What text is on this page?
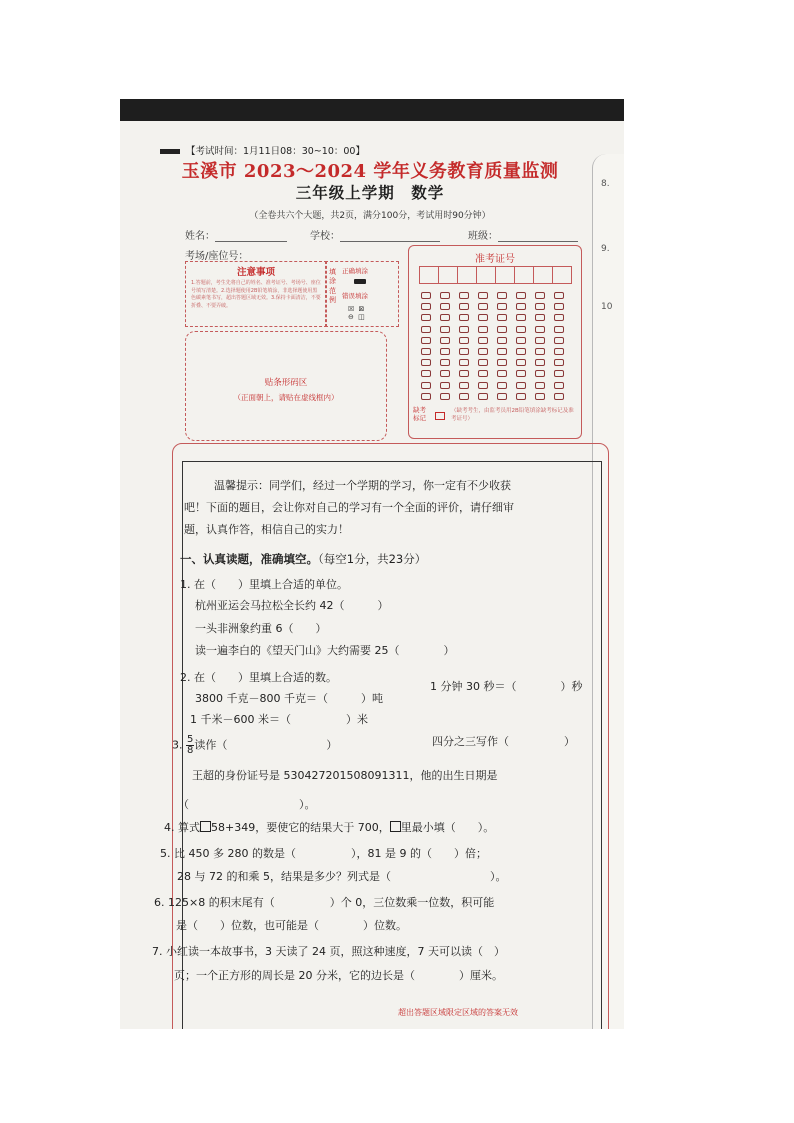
8.
9.
10
【考试时间：1月11日08：30~10：00】
玉溪市 2023～2024 学年义务教育质量监测
三年级上学期　数学
（全卷共六个大题，共2页，满分100分，考试用时90分钟）
姓名：	学校：	班级：
考场/座位号：
注意事项
1.答题前，考生先将自己的姓名、准考证号、考场号、座位号填写清楚。2.选择题使用2B铅笔填涂，非选择题使用黑色碳素笔书写，超出答题区域无效。3.保持卡面清洁，不要折叠、不要弄破。
填涂范例
正确填涂
错误填涂
☒ ⊠
⊖ ◫
贴条形码区
（正面朝上，请贴在虚线框内）
准考证号
缺考标记
（缺考考生，由监考员用2B铅笔填涂缺考标记及准考证号）
温馨提示：同学们，经过一个学期的学习，你一定有不少收获
吧！下面的题目，会让你对自己的学习有一个全面的评价，请仔细审
题，认真作答，相信自己的实力！
一、认真读题，准确填空。（每空1分，共23分）
1. 在（　　）里填上合适的单位。
杭州亚运会马拉松全长约 42（　　　）
一头非洲象约重 6（　　）
读一遍李白的《望天门山》大约需要 25（　　　　）
2. 在（　　）里填上合适的数。
3800 千克－800 千克＝（　　　）吨
1 分钟 30 秒＝（　　　　）秒
1 千米－600 米＝（　　　　　）米
3. $\frac{5}{8}$ 读作（　　　　　　　　　）	四分之三写作（　　　　　）
王超的身份证号是 530427201508091311，他的出生日期是
（　　　　　　　　　　）。
4. 算式 58+349，要使它的结果大于 700， 里最小填（　　）。
5. 比 450 多 280 的数是（　　　　　），81 是 9 的（　　）倍；
28 与 72 的和乘 5，结果是多少？列式是（　　　　　　　　　）。
6. 125×8 的积末尾有（　　　　　）个 0，三位数乘一位数，积可能
是（　　）位数，也可能是（　　　　）位数。
7. 小红读一本故事书，3 天读了 24 页，照这种速度，7 天可以读（　）
页；一个正方形的周长是 20 分米，它的边长是（　　　　）厘米。
超出答题区域限定区域的答案无效
